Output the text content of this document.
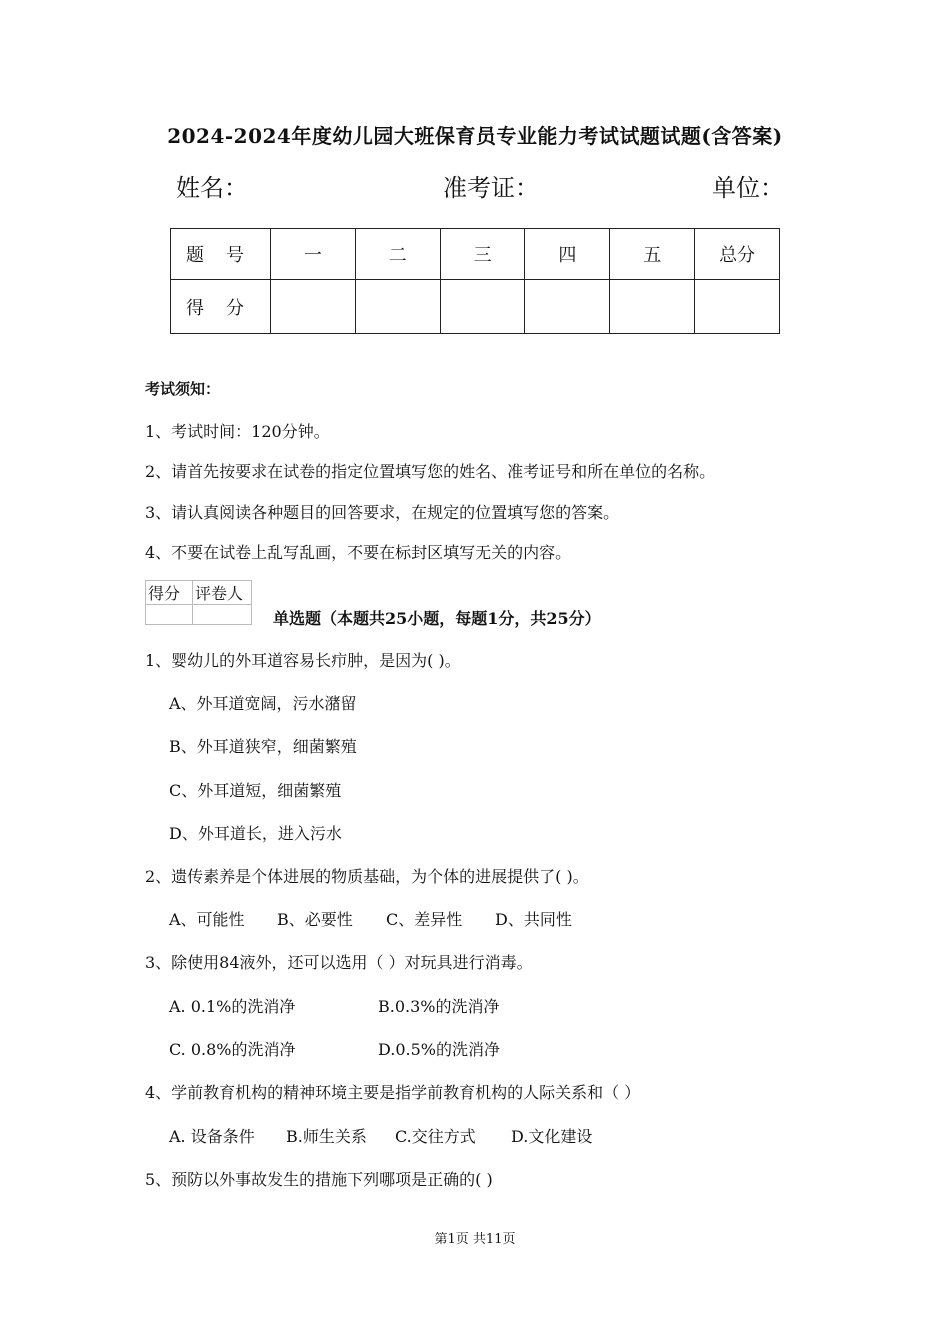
2024-2024年度幼儿园大班保育员专业能力考试试题试题(含答案)
姓名：	准考证：	单位：
题号	一	二	三	四	五	总分
得分						
考试须知：
1、考试时间：120分钟。
2、请首先按要求在试卷的指定位置填写您的姓名、准考证号和所在单位的名称。
3、请认真阅读各种题目的回答要求，在规定的位置填写您的答案。
4、不要在试卷上乱写乱画，不要在标封区填写无关的内容。
得分	评卷人

单选题（本题共25小题，每题1分，共25分）
1、婴幼儿的外耳道容易长疖肿，是因为( )。
A、外耳道宽阔，污水潴留
B、外耳道狭窄，细菌繁殖
C、外耳道短，细菌繁殖
D、外耳道长，进入污水
2、遗传素养是个体进展的物质基础，为个体的进展提供了( )。
A、可能性 B、必要性 C、差异性 D、共同性
3、除使用84液外，还可以选用（ ）对玩具进行消毒。
A. 0.1%的洗消净	B.0.3%的洗消净
C. 0.8%的洗消净	D.0.5%的洗消净
4、学前教育机构的精神环境主要是指学前教育机构的人际关系和（ ）
A. 设备条件 B.师生关系 C.交往方式 D.文化建设
5、预防以外事故发生的措施下列哪项是正确的( )
第1页 共11页
